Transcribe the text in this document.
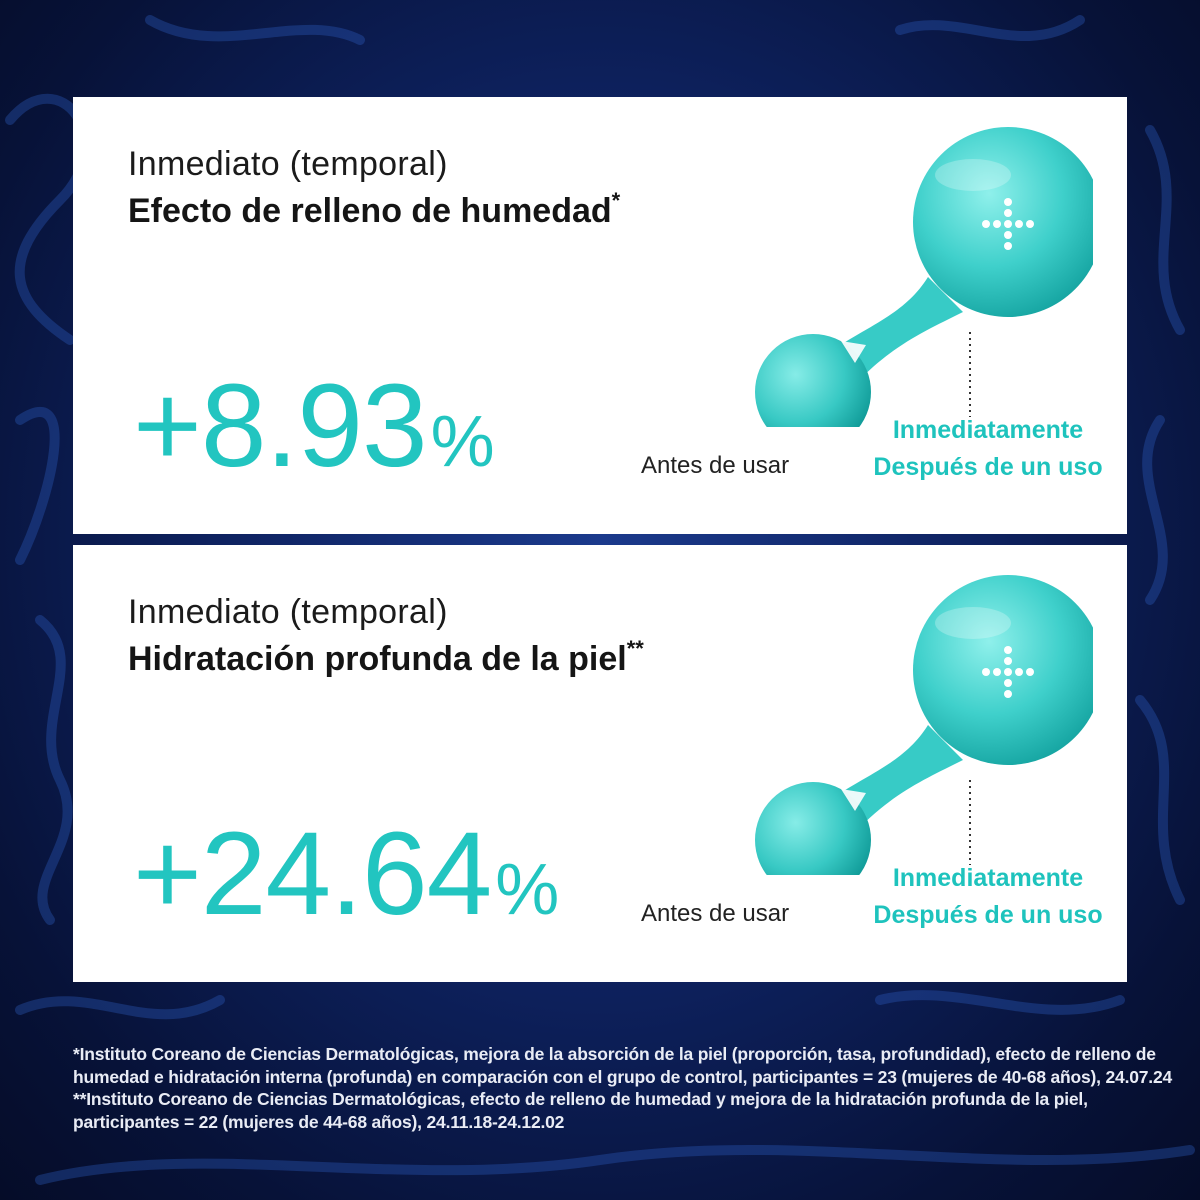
Inmediato (temporal)
Efecto de relleno de humedad*
+8.93%	Antes de usar
Inmediatamente
Después de un uso
Inmediato (temporal)
Hidratación profunda de la piel**
+24.64%	Antes de usar
Inmediatamente
Después de un uso
*Instituto Coreano de Ciencias Dermatológicas, mejora de la absorción de la piel (proporción, tasa, profundidad), efecto de relleno de humedad e hidratación interna (profunda) en comparación con el grupo de control, participantes = 23 (mujeres de 40-68 años), 24.07.24 **Instituto Coreano de Ciencias Dermatológicas, efecto de relleno de humedad y mejora de la hidratación profunda de la piel, participantes = 22 (mujeres de 44-68 años), 24.11.18-24.12.02
